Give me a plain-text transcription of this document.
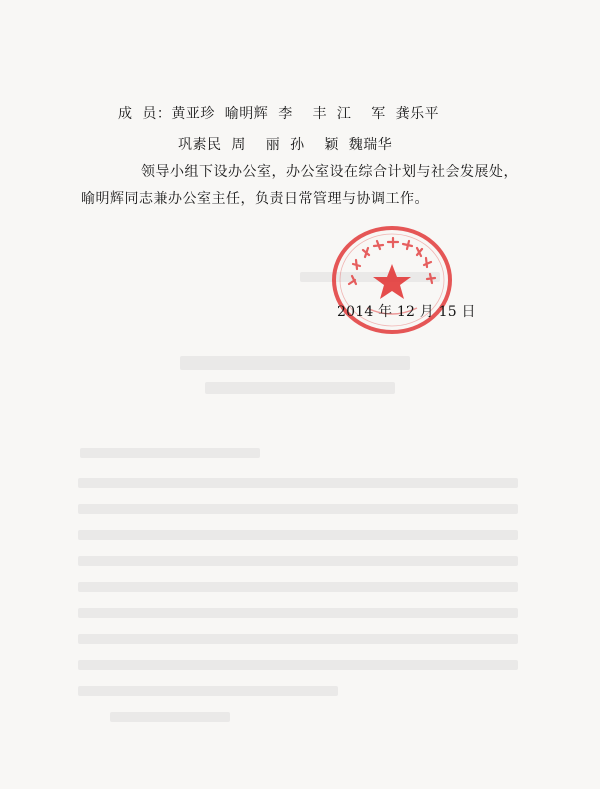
成  员：黄亚珍  喻明辉  李    丰  江    军  龚乐平
巩素民  周    丽  孙    颖  魏瑞华
领导小组下设办公室，办公室设在综合计划与社会发展处，
喻明辉同志兼办公室主任，负责日常管理与协调工作。
2014 年 12 月 15 日
